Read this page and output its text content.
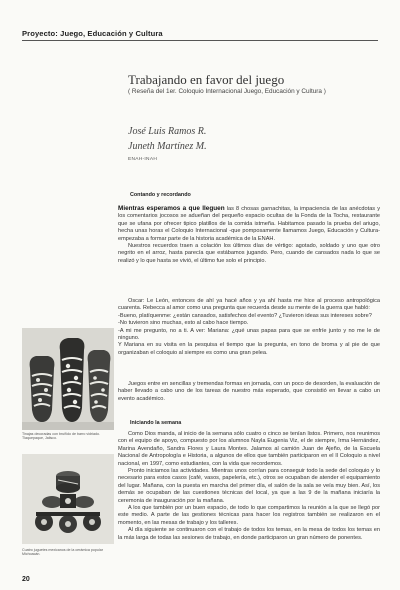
Proyecto: Juego, Educación y Cultura
Trabajando en favor del juego
( Reseña del 1er. Coloquio Internacional Juego, Educación y Cultura )
José Luis Ramos R.
Juneth Martínez M.
ENAH-INAH
Contando y recordando

Mientras esperamos a que lleguen las 8 chosas garnachitas, la impaciencia de las anécdotas y los comentarios jocosos se adueñan del pequeño espacio ocultas de la Fonda de la Tocha, restaurante que se ufana por ofrecer tipico platillos de la comida istmeña. Habitamos pasado la prueba del ariugo, hecha unas horas el Coloquio Internacional -que pomposamente llamamos Juego, Educación y Cultura- empezaba a formar parte de la historia académica de la ENAH.

Nuestros recuerdos traen a colación los últimos días de vértigo: agotado, soldado y uno que otro negrito en el arroz, hasta parecía que estábamos jugando. Pero, cuando de cansados nada lo que se realizó y lo que hasta se vivió, el último fue solo el principio.

Oscar: Le León, entonces de ahí ya hacé años y ya ahí hasta me hice al proceso antropológica cuarenta. Rebecca al amor como una pregunta que recuerda desde su mente de la guerra que habló:

-Bueno, platíquenme: ¿están cansados, satisfechos del evento? ¿Tuvieron ideas sus intereses sobre?

-No tuvieron sino muchas, esto al cabo hace tiempo.

-A mi me pregunto, no a ti. A ver: Mariana: ¿qué unas papas para que se enfríe junto y no me le de ninguno.

Y Mariana en su visita en la pesquisa el tiempo que la pregunta, en tono de broma y al pie de que organizaban el coloquio al siempre es como una gran pelea.

Juegos entre en sencillas y tremendas formas en jornada, con un poco de desorden, la evaluación de haber llevado a cabo uno de los tareas de nuestro más esperado, que consistió en llevar a cabo un evento académico.

Iniciando la semana

Como Dios manda, al inicio de la semana sólo cuatro o cinco se tenían listos. Primero, nos reunimos con el equipo de apoyo, compuesto por los alumnos Nayla Eugenia Viz, el de siempre, Irma Hernández, Marina Avendaño, Sandra Flores y Laura Montes. Jalamos al camión Juan de Ajeño, de la Escuela Nacional de Antropología e Historia, a algunos de ellos que también participaron en el Il Coloquio a nivel nacional, en 1997, como estudiantes, con la vida que recordemos.

Pronto iniciamos las actividades. Mientras unos corrían para conseguir todo la sede del coloquio y lo necesario para estos casos (café, vasos, papelería, etc.), otros se ocupaban de atender el equipamiento del lugar. Mañana, con la puesta en marcha del primer día, el salón de la sala se veía muy bien. Así, los demás se ocupaban de las cuestiones técnicas del local, ya que a las 9 de la mañana iniciaría la ceremonia de inauguración por la mañana.

A los que también por un buen espacio, de todo lo que compartimos la reunión a la que se llegó por este medio. A parte de las gestiones técnicas para hacer los registros también se realizaron en el momento, en las mesas de trabajo y los talleres.

Al día siguiente se continuaron con el trabajo de todos los temas, en la mesa de todos los temas en la más larga de todas las sesiones de trabajo, en donde participaron un gran número de ponentes.

Tinajas decoradas con bruñido de barro vidriado. Tlaquepaque, Jalisco.
Cuatro juguetes mexicanos de la cerámica popular Michoacán.
20
